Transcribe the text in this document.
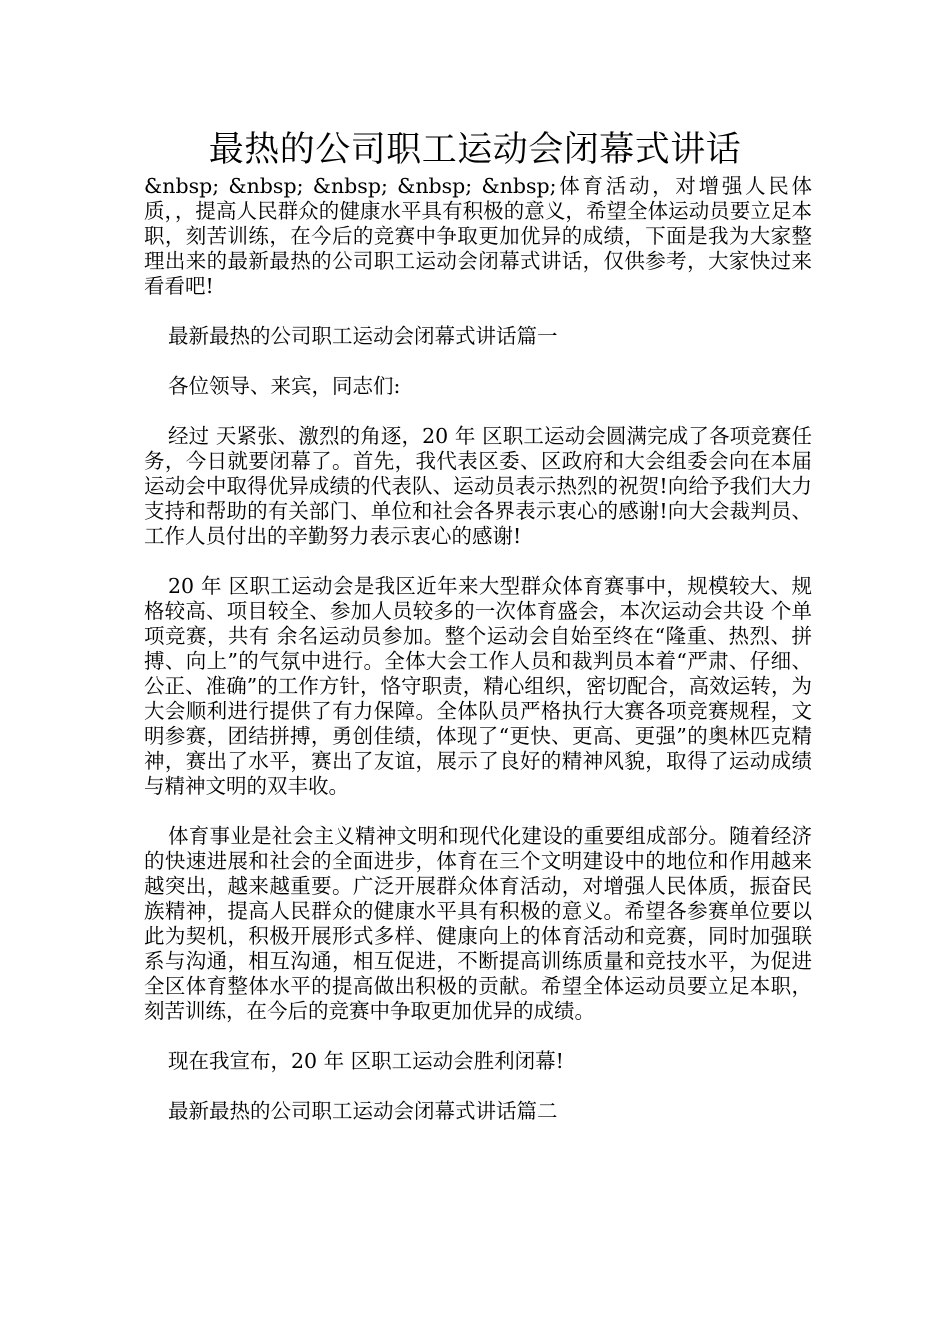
最热的公司职工运动会闭幕式讲话

&nbsp; &nbsp; &nbsp; &nbsp; &nbsp;体育活动，对增强人民体质，，提高人民群众的健康水平具有积极的意义，希望全体运动员要立足本职，刻苦训练，在今后的竞赛中争取更加优异的成绩，下面是我为大家整理出来的最新最热的公司职工运动会闭幕式讲话，仅供参考，大家快过来看看吧!

最新最热的公司职工运动会闭幕式讲话篇一

各位领导、来宾，同志们:

经过 天紧张、激烈的角逐，20 年 区职工运动会圆满完成了各项竞赛任务，今日就要闭幕了。首先，我代表区委、区政府和大会组委会向在本届运动会中取得优异成绩的代表队、运动员表示热烈的祝贺!向给予我们大力支持和帮助的有关部门、单位和社会各界表示衷心的感谢!向大会裁判员、工作人员付出的辛勤努力表示衷心的感谢!

20 年 区职工运动会是我区近年来大型群众体育赛事中，规模较大、规格较高、项目较全、参加人员较多的一次体育盛会，本次运动会共设 个单项竞赛，共有 余名运动员参加。整个运动会自始至终在“隆重、热烈、拼搏、向上”的气氛中进行。全体大会工作人员和裁判员本着“严肃、仔细、公正、准确”的工作方针，恪守职责，精心组织，密切配合，高效运转，为大会顺利进行提供了有力保障。全体队员严格执行大赛各项竞赛规程，文明参赛，团结拼搏，勇创佳绩，体现了“更快、更高、更强”的奥林匹克精神，赛出了水平，赛出了友谊，展示了良好的精神风貌，取得了运动成绩与精神文明的双丰收。

体育事业是社会主义精神文明和现代化建设的重要组成部分。随着经济的快速进展和社会的全面进步，体育在三个文明建设中的地位和作用越来越突出，越来越重要。广泛开展群众体育活动，对增强人民体质，振奋民族精神，提高人民群众的健康水平具有积极的意义。希望各参赛单位要以此为契机，积极开展形式多样、健康向上的体育活动和竞赛，同时加强联系与沟通，相互沟通，相互促进，不断提高训练质量和竞技水平，为促进全区体育整体水平的提高做出积极的贡献。希望全体运动员要立足本职，刻苦训练，在今后的竞赛中争取更加优异的成绩。

现在我宣布，20 年 区职工运动会胜利闭幕!

最新最热的公司职工运动会闭幕式讲话篇二
